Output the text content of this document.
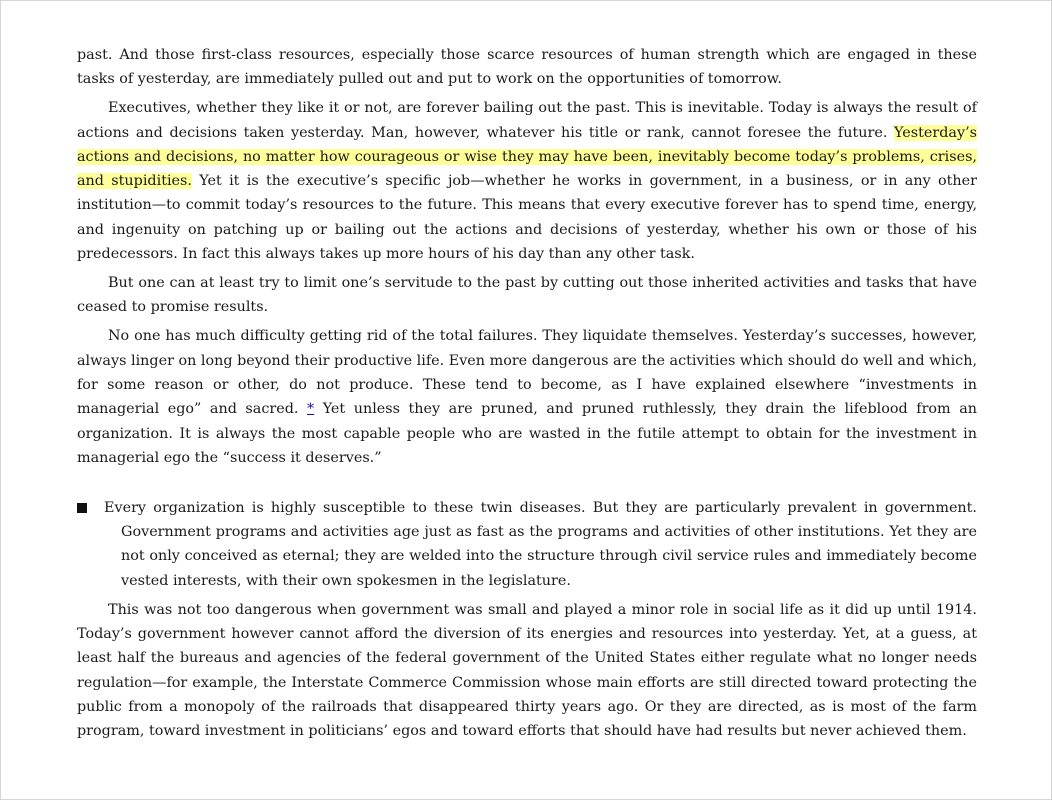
past. And those first-class resources, especially those scarce resources of human strength which are engaged in these tasks of yesterday, are immediately pulled out and put to work on the opportunities of tomorrow.

Executives, whether they like it or not, are forever bailing out the past. This is inevitable. Today is always the result of actions and decisions taken yesterday. Man, however, whatever his title or rank, cannot foresee the future. Yesterday’s actions and decisions, no matter how courageous or wise they may have been, inevitably become today’s problems, crises, and stupidities. Yet it is the executive’s specific job—whether he works in government, in a business, or in any other institution—to commit today’s resources to the future. This means that every executive forever has to spend time, energy, and ingenuity on patching up or bailing out the actions and decisions of yesterday, whether his own or those of his predecessors. In fact this always takes up more hours of his day than any other task.

But one can at least try to limit one’s servitude to the past by cutting out those inherited activities and tasks that have ceased to promise results.

No one has much difficulty getting rid of the total failures. They liquidate themselves. Yesterday’s successes, however, always linger on long beyond their productive life. Even more dangerous are the activities which should do well and which, for some reason or other, do not produce. These tend to become, as I have explained elsewhere “investments in managerial ego” and sacred. * Yet unless they are pruned, and pruned ruthlessly, they drain the lifeblood from an organization. It is always the most capable people who are wasted in the futile attempt to obtain for the investment in managerial ego the “success it deserves.”

Every organization is highly susceptible to these twin diseases. But they are particularly prevalent in government. Government programs and activities age just as fast as the programs and activities of other institutions. Yet they are not only conceived as eternal; they are welded into the structure through civil service rules and immediately become vested interests, with their own spokesmen in the legislature.

This was not too dangerous when government was small and played a minor role in social life as it did up until 1914. Today’s government however cannot afford the diversion of its energies and resources into yesterday. Yet, at a guess, at least half the bureaus and agencies of the federal government of the United States either regulate what no longer needs regulation—for example, the Interstate Commerce Commission whose main efforts are still directed toward protecting the public from a monopoly of the railroads that disappeared thirty years ago. Or they are directed, as is most of the farm program, toward investment in politicians’ egos and toward efforts that should have had results but never achieved them.
